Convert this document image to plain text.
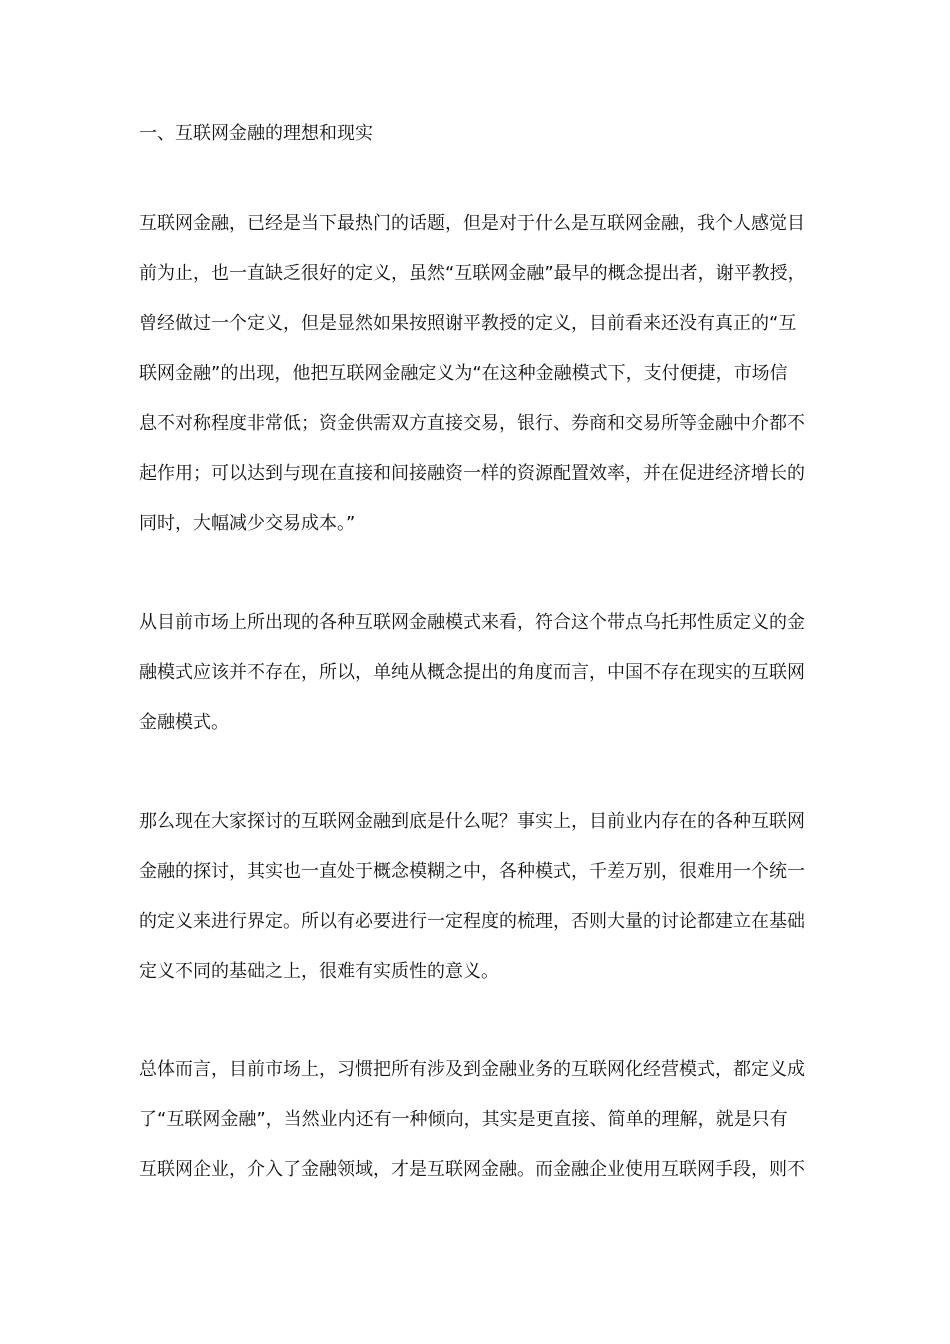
一、互联网金融的理想和现实
互联网金融，已经是当下最热门的话题，但是对于什么是互联网金融，我个人感觉目
前为止，也一直缺乏很好的定义，虽然“互联网金融”最早的概念提出者，谢平教授，
曾经做过一个定义，但是显然如果按照谢平教授的定义，目前看来还没有真正的“互
联网金融”的出现，他把互联网金融定义为“在这种金融模式下，支付便捷，市场信
息不对称程度非常低；资金供需双方直接交易，银行、券商和交易所等金融中介都不
起作用；可以达到与现在直接和间接融资一样的资源配置效率，并在促进经济增长的
同时，大幅减少交易成本。”
从目前市场上所出现的各种互联网金融模式来看，符合这个带点乌托邦性质定义的金
融模式应该并不存在，所以，单纯从概念提出的角度而言，中国不存在现实的互联网
金融模式。
那么现在大家探讨的互联网金融到底是什么呢？事实上，目前业内存在的各种互联网
金融的探讨，其实也一直处于概念模糊之中，各种模式，千差万别，很难用一个统一
的定义来进行界定。所以有必要进行一定程度的梳理，否则大量的讨论都建立在基础
定义不同的基础之上，很难有实质性的意义。
总体而言，目前市场上，习惯把所有涉及到金融业务的互联网化经营模式，都定义成
了“互联网金融”，当然业内还有一种倾向，其实是更直接、简单的理解，就是只有
互联网企业，介入了金融领域，才是互联网金融。而金融企业使用互联网手段，则不
